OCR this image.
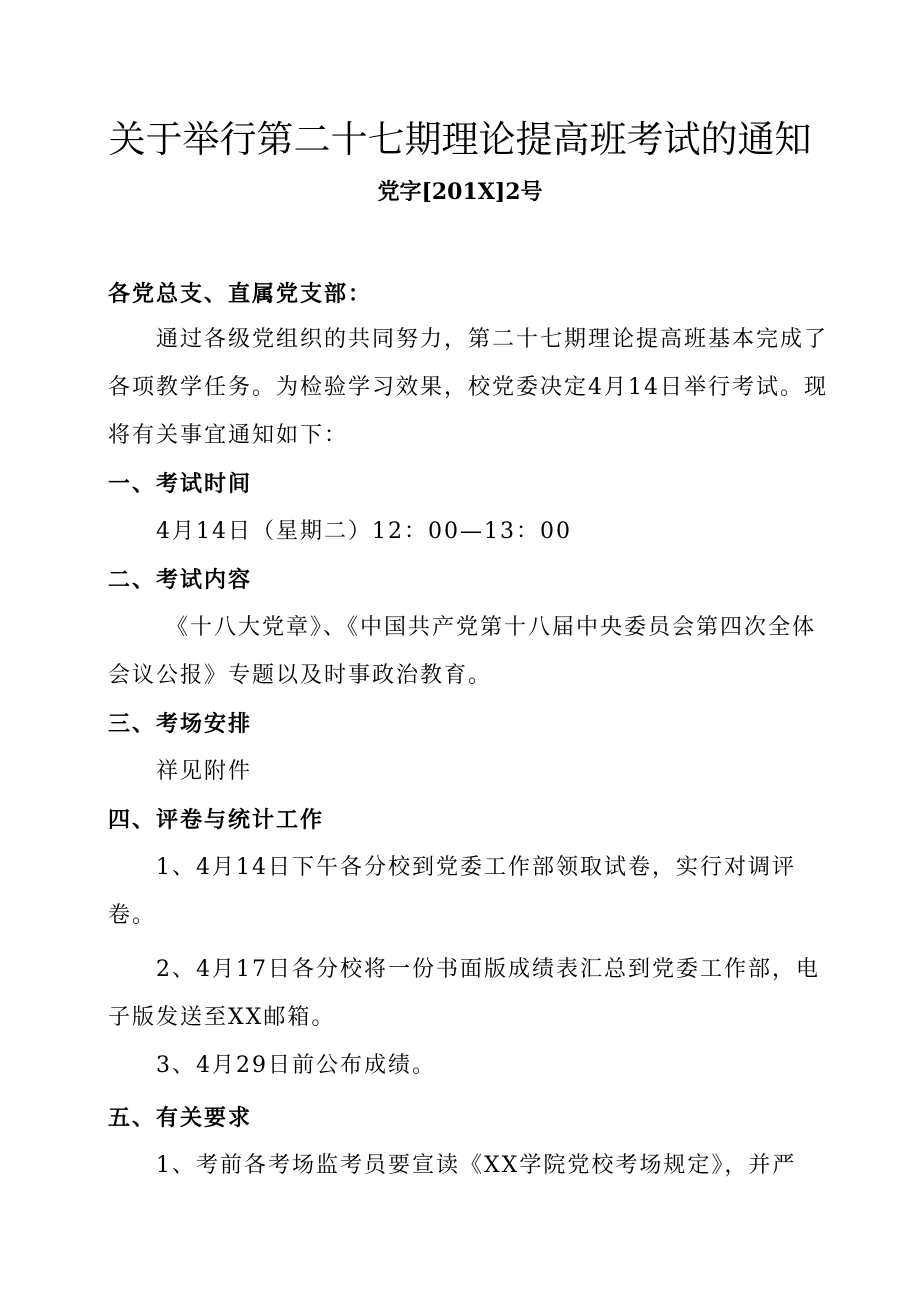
关于举行第二十七期理论提高班考试的通知
党字[201X]2号
各党总支、直属党支部：
通过各级党组织的共同努力，第二十七期理论提高班基本完成了
各项教学任务。为检验学习效果，校党委决定4月14日举行考试。现
将有关事宜通知如下：
一、考试时间
4月14日（星期二）12：00—13：00
二、考试内容
《十八大党章》、《中国共产党第十八届中央委员会第四次全体
会议公报》专题以及时事政治教育。
三、考场安排
祥见附件
四、评卷与统计工作
1、4月14日下午各分校到党委工作部领取试卷，实行对调评
卷。
2、4月17日各分校将一份书面版成绩表汇总到党委工作部，电
子版发送至XX邮箱。
3、4月29日前公布成绩。
五、有关要求
1、考前各考场监考员要宣读《XX学院党校考场规定》，并严
